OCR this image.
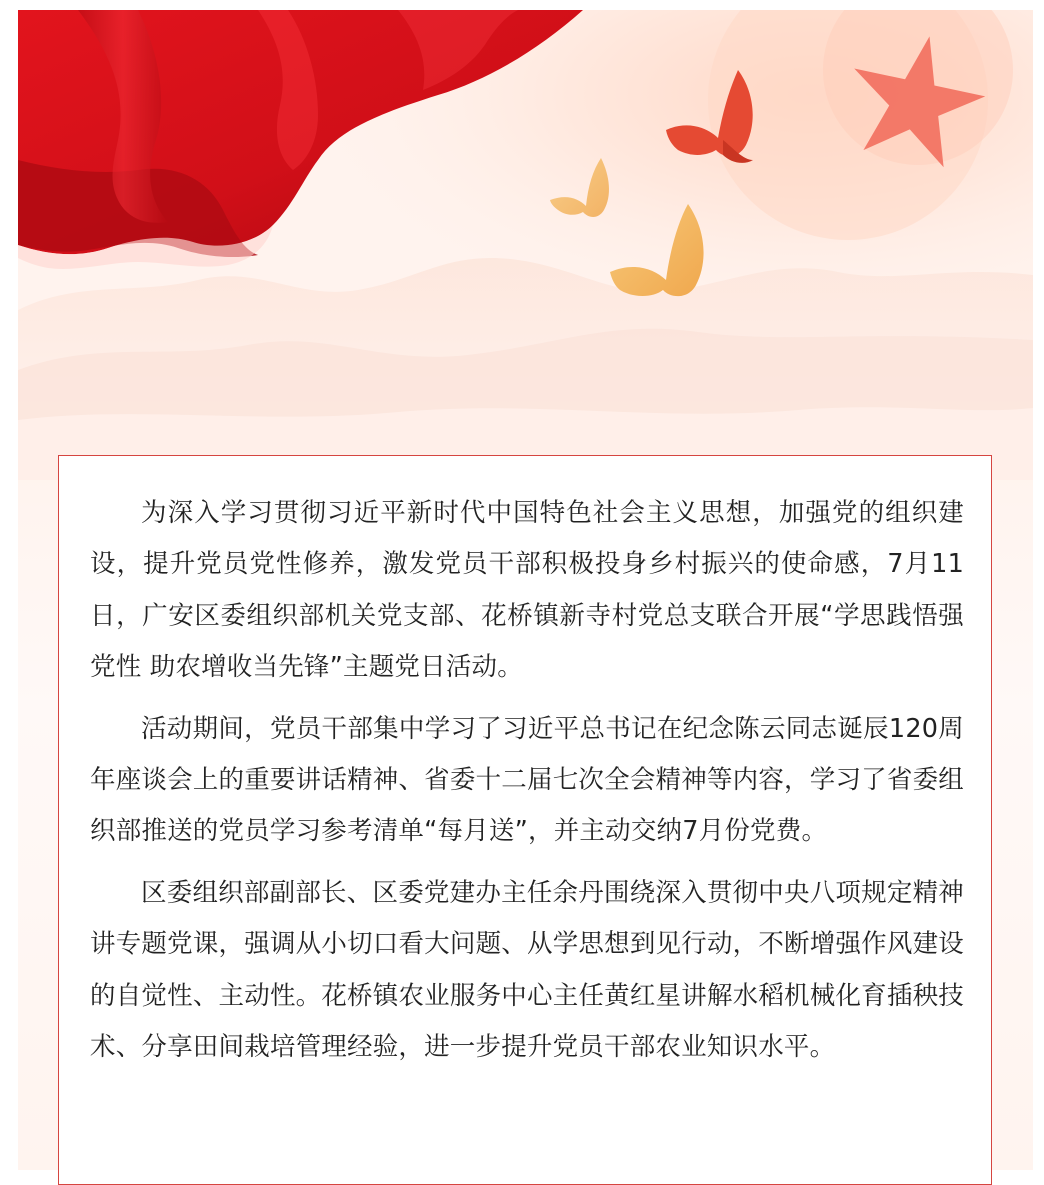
为深入学习贯彻习近平新时代中国特色社会主义思想，加强党的组织建设，提升党员党性修养，激发党员干部积极投身乡村振兴的使命感，7月11日，广安区委组织部机关党支部、花桥镇新寺村党总支联合开展“学思践悟强党性 助农增收当先锋”主题党日活动。

活动期间，党员干部集中学习了习近平总书记在纪念陈云同志诞辰120周年座谈会上的重要讲话精神、省委十二届七次全会精神等内容，学习了省委组织部推送的党员学习参考清单“每月送”，并主动交纳7月份党费。

区委组织部副部长、区委党建办主任余丹围绕深入贯彻中央八项规定精神讲专题党课，强调从小切口看大问题、从学思想到见行动，不断增强作风建设的自觉性、主动性。花桥镇农业服务中心主任黄红星讲解水稻机械化育插秧技术、分享田间栽培管理经验，进一步提升党员干部农业知识水平。
